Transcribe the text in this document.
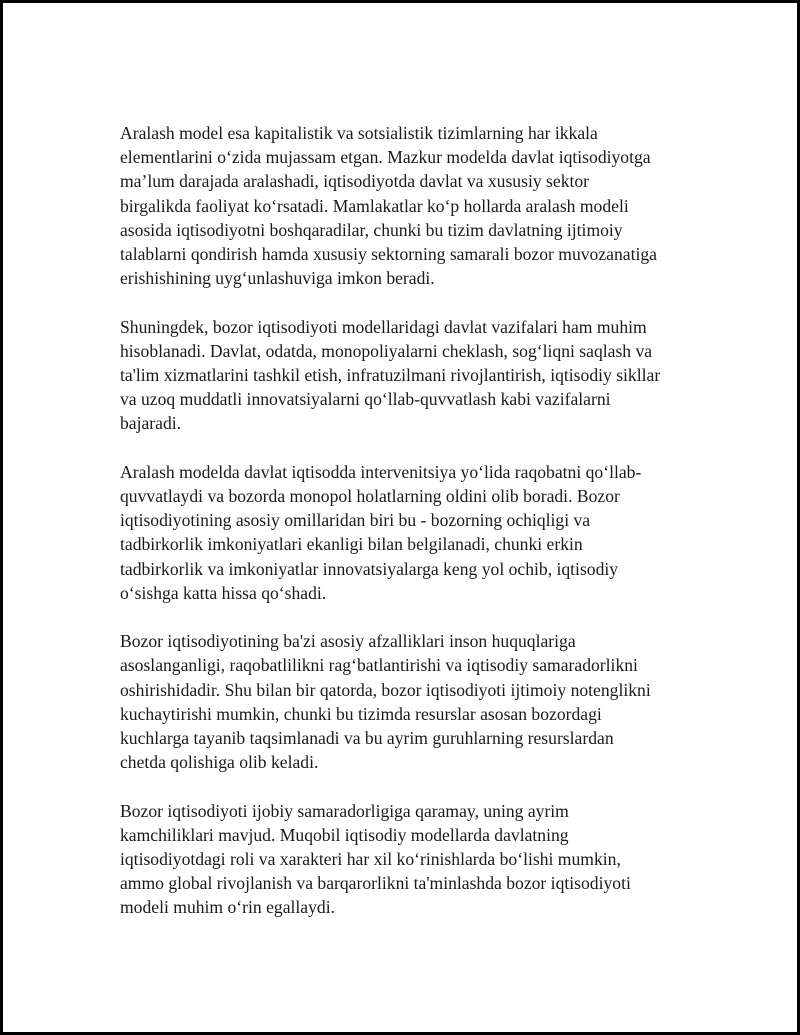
Aralash model esa kapitalistik va sotsialistik tizimlarning har ikkala
elementlarini o‘zida mujassam etgan. Mazkur modelda davlat iqtisodiyotga
ma’lum darajada aralashadi, iqtisodiyotda davlat va xususiy sektor
birgalikda faoliyat ko‘rsatadi. Mamlakatlar ko‘p hollarda aralash modeli
asosida iqtisodiyotni boshqaradilar, chunki bu tizim davlatning ijtimoiy
talablarni qondirish hamda xususiy sektorning samarali bozor muvozanatiga
erishishining uyg‘unlashuviga imkon beradi.

Shuningdek, bozor iqtisodiyoti modellaridagi davlat vazifalari ham muhim
hisoblanadi. Davlat, odatda, monopoliyalarni cheklash, sog‘liqni saqlash va
ta'lim xizmatlarini tashkil etish, infratuzilmani rivojlantirish, iqtisodiy sikllar
va uzoq muddatli innovatsiyalarni qo‘llab-quvvatlash kabi vazifalarni
bajaradi.

Aralash modelda davlat iqtisodda intervenitsiya yo‘lida raqobatni qo‘llab-
quvvatlaydi va bozorda monopol holatlarning oldini olib boradi. Bozor
iqtisodiyotining asosiy omillaridan biri bu - bozorning ochiqligi va
tadbirkorlik imkoniyatlari ekanligi bilan belgilanadi, chunki erkin
tadbirkorlik va imkoniyatlar innovatsiyalarga keng yol ochib, iqtisodiy
o‘sishga katta hissa qo‘shadi.

Bozor iqtisodiyotining ba'zi asosiy afzalliklari inson huquqlariga
asoslanganligi, raqobatlilikni rag‘batlantirishi va iqtisodiy samaradorlikni
oshirishidadir. Shu bilan bir qatorda, bozor iqtisodiyoti ijtimoiy notenglikni
kuchaytirishi mumkin, chunki bu tizimda resurslar asosan bozordagi
kuchlarga tayanib taqsimlanadi va bu ayrim guruhlarning resurslardan
chetda qolishiga olib keladi.

Bozor iqtisodiyoti ijobiy samaradorligiga qaramay, uning ayrim
kamchiliklari mavjud. Muqobil iqtisodiy modellarda davlatning
iqtisodiyotdagi roli va xarakteri har xil ko‘rinishlarda bo‘lishi mumkin,
ammo global rivojlanish va barqarorlikni ta'minlashda bozor iqtisodiyoti
modeli muhim o‘rin egallaydi.
